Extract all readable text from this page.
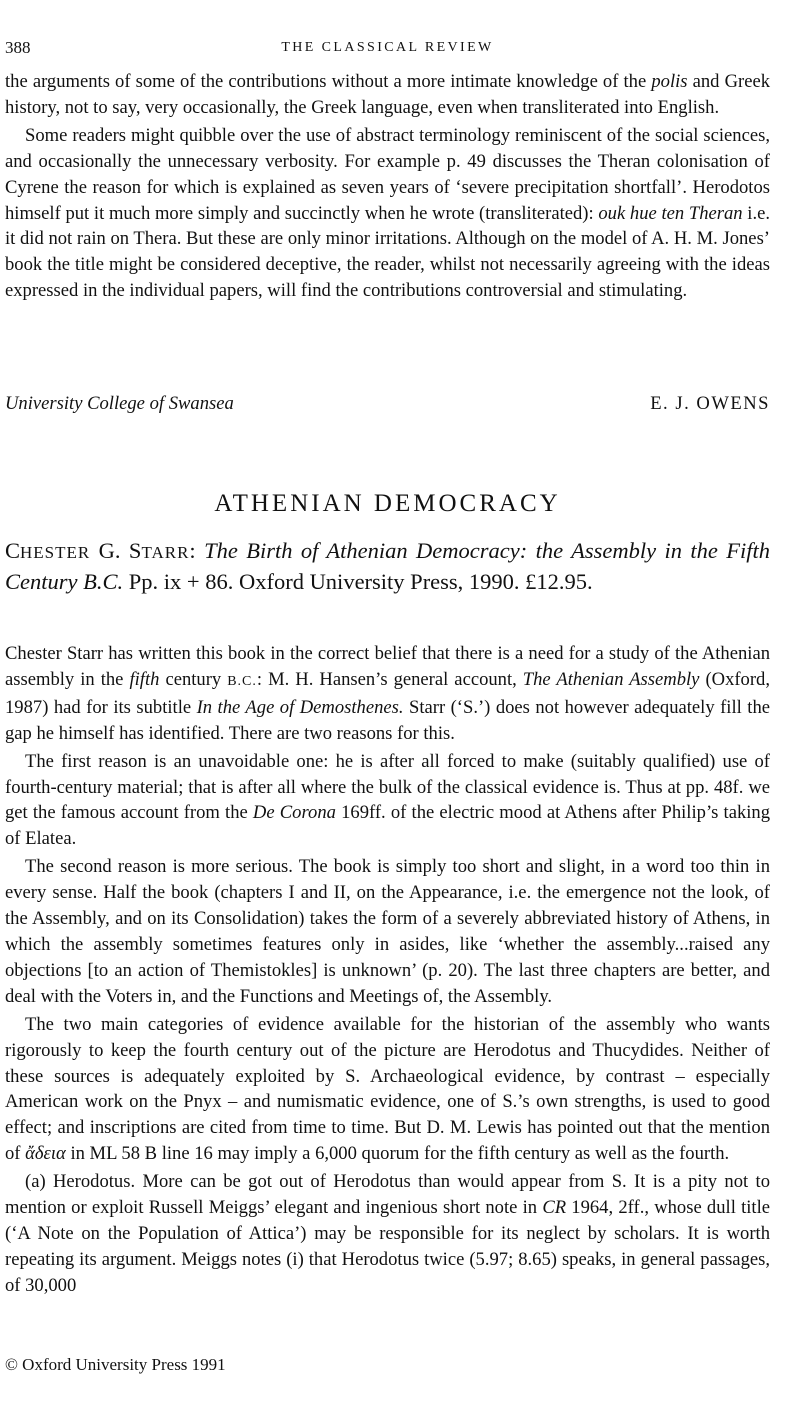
388	THE CLASSICAL REVIEW

the arguments of some of the contributions without a more intimate knowledge of the polis and Greek history, not to say, very occasionally, the Greek language, even when transliterated into English.

Some readers might quibble over the use of abstract terminology reminiscent of the social sciences, and occasionally the unnecessary verbosity. For example p. 49 discusses the Theran colonisation of Cyrene the reason for which is explained as seven years of ‘severe precipitation shortfall’. Herodotos himself put it much more simply and succinctly when he wrote (transliterated): ouk hue ten Theran i.e. it did not rain on Thera. But these are only minor irritations. Although on the model of A. H. M. Jones’ book the title might be considered deceptive, the reader, whilst not necessarily agreeing with the ideas expressed in the individual papers, will find the contributions controversial and stimulating.

University College of Swansea	E. J. OWENS
ATHENIAN DEMOCRACY
CHESTER G. STARR: The Birth of Athenian Democracy: the Assembly in the Fifth Century B.C. Pp. ix + 86. Oxford University Press, 1990. £12.95.

Chester Starr has written this book in the correct belief that there is a need for a study of the Athenian assembly in the fifth century B.C.: M. H. Hansen’s general account, The Athenian Assembly (Oxford, 1987) had for its subtitle In the Age of Demosthenes. Starr (‘S.’) does not however adequately fill the gap he himself has identified. There are two reasons for this.

The first reason is an unavoidable one: he is after all forced to make (suitably qualified) use of fourth-century material; that is after all where the bulk of the classical evidence is. Thus at pp. 48f. we get the famous account from the De Corona 169ff. of the electric mood at Athens after Philip’s taking of Elatea.

The second reason is more serious. The book is simply too short and slight, in a word too thin in every sense. Half the book (chapters I and II, on the Appearance, i.e. the emergence not the look, of the Assembly, and on its Consolidation) takes the form of a severely abbreviated history of Athens, in which the assembly sometimes features only in asides, like ‘whether the assembly...raised any objections [to an action of Themistokles] is unknown’ (p. 20). The last three chapters are better, and deal with the Voters in, and the Functions and Meetings of, the Assembly.

The two main categories of evidence available for the historian of the assembly who wants rigorously to keep the fourth century out of the picture are Herodotus and Thucydides. Neither of these sources is adequately exploited by S. Archaeological evidence, by contrast – especially American work on the Pnyx – and numismatic evidence, one of S.’s own strengths, is used to good effect; and inscriptions are cited from time to time. But D. M. Lewis has pointed out that the mention of ἄδεια in ML 58 B line 16 may imply a 6,000 quorum for the fifth century as well as the fourth.

(a) Herodotus. More can be got out of Herodotus than would appear from S. It is a pity not to mention or exploit Russell Meiggs’ elegant and ingenious short note in CR 1964, 2ff., whose dull title (‘A Note on the Population of Attica’) may be responsible for its neglect by scholars. It is worth repeating its argument. Meiggs notes (i) that Herodotus twice (5.97; 8.65) speaks, in general passages, of 30,000

© Oxford University Press 1991
